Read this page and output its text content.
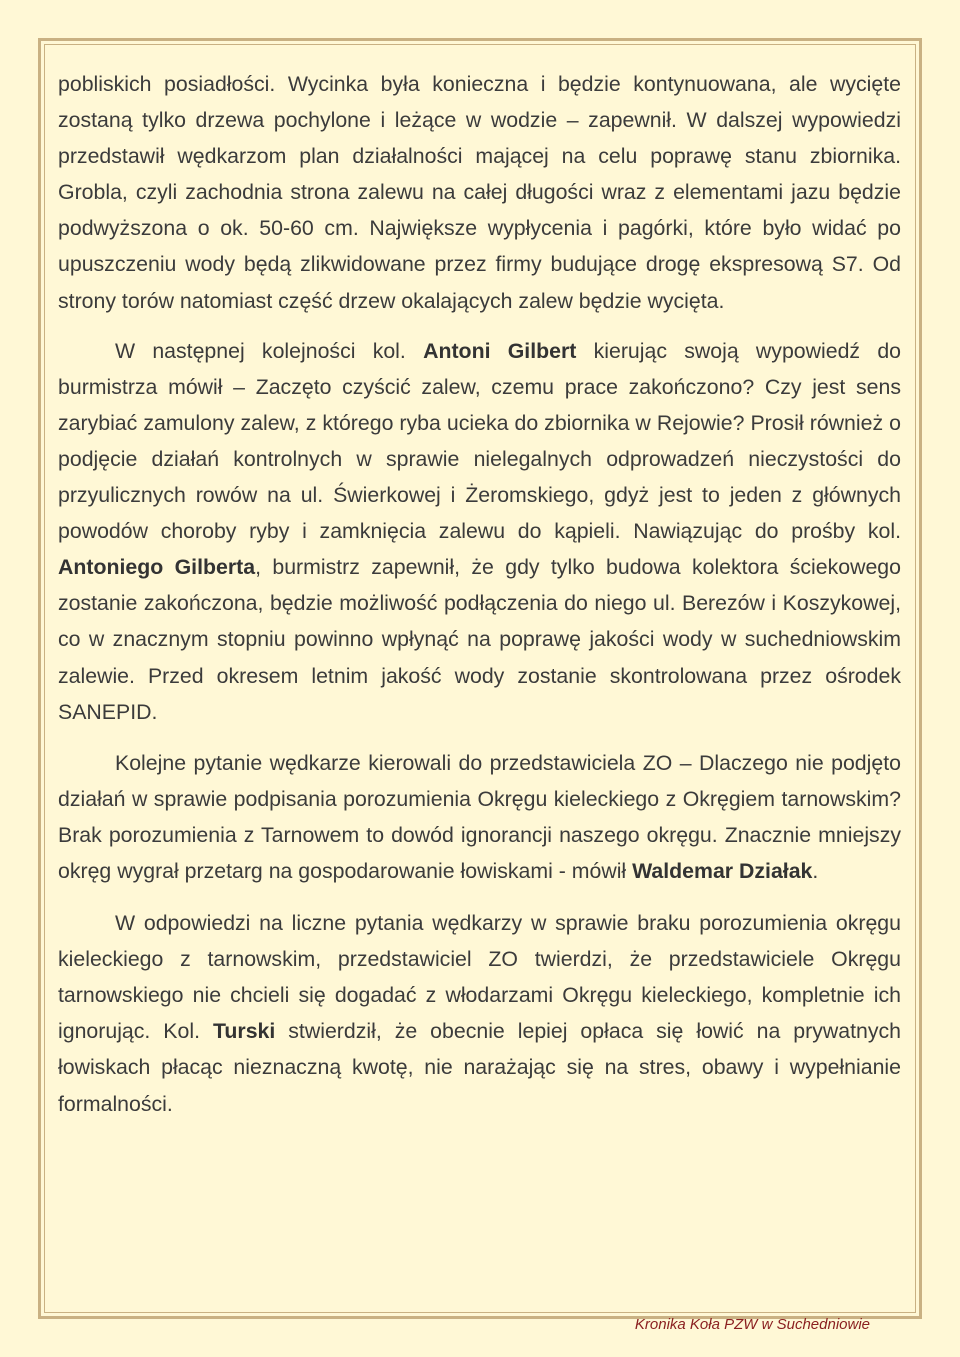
pobliskich posiadłości. Wycinka była konieczna i będzie kontynuowana, ale wycięte zostaną tylko drzewa pochylone i leżące w wodzie – zapewnił. W dalszej wypowiedzi przedstawił wędkarzom plan działalności mającej na celu poprawę stanu zbiornika. Grobla, czyli zachodnia strona zalewu na całej długości wraz z elementami jazu będzie podwyższona o ok. 50-60 cm. Największe wypłycenia i pagórki, które było widać po upuszczeniu wody będą zlikwidowane przez firmy budujące drogę ekspresową S7. Od strony torów natomiast część drzew okalających zalew będzie wycięta.

W następnej kolejności kol. Antoni Gilbert kierując swoją wypowiedź do burmistrza mówił – Zaczęto czyścić zalew, czemu prace zakończono? Czy jest sens zarybiać zamulony zalew, z którego ryba ucieka do zbiornika w Rejowie? Prosił również o podjęcie działań kontrolnych w sprawie nielegalnych odprowadzeń nieczystości do przyulicznych rowów na ul. Świerkowej i Żeromskiego, gdyż jest to jeden z głównych powodów choroby ryby i zamknięcia zalewu do kąpieli. Nawiązując do prośby kol. Antoniego Gilberta, burmistrz zapewnił, że gdy tylko budowa kolektora ściekowego zostanie zakończona, będzie możliwość podłączenia do niego ul. Berezów i Koszykowej, co w znacznym stopniu powinno wpłynąć na poprawę jakości wody w suchedniowskim zalewie. Przed okresem letnim jakość wody zostanie skontrolowana przez ośrodek SANEPID.

Kolejne pytanie wędkarze kierowali do przedstawiciela ZO – Dlaczego nie podjęto działań w sprawie podpisania porozumienia Okręgu kieleckiego z Okręgiem tarnowskim? Brak porozumienia z Tarnowem to dowód ignorancji naszego okręgu. Znacznie mniejszy okręg wygrał przetarg na gospodarowanie łowiskami - mówił Waldemar Działak.

W odpowiedzi na liczne pytania wędkarzy w sprawie braku porozumienia okręgu kieleckiego z tarnowskim, przedstawiciel ZO twierdzi, że przedstawiciele Okręgu tarnowskiego nie chcieli się dogadać z włodarzami Okręgu kieleckiego, kompletnie ich ignorując. Kol. Turski stwierdził, że obecnie lepiej opłaca się łowić na prywatnych łowiskach płacąc nieznaczną kwotę, nie narażając się na stres, obawy i wypełnianie formalności.

Kronika Koła PZW w Suchedniowie
